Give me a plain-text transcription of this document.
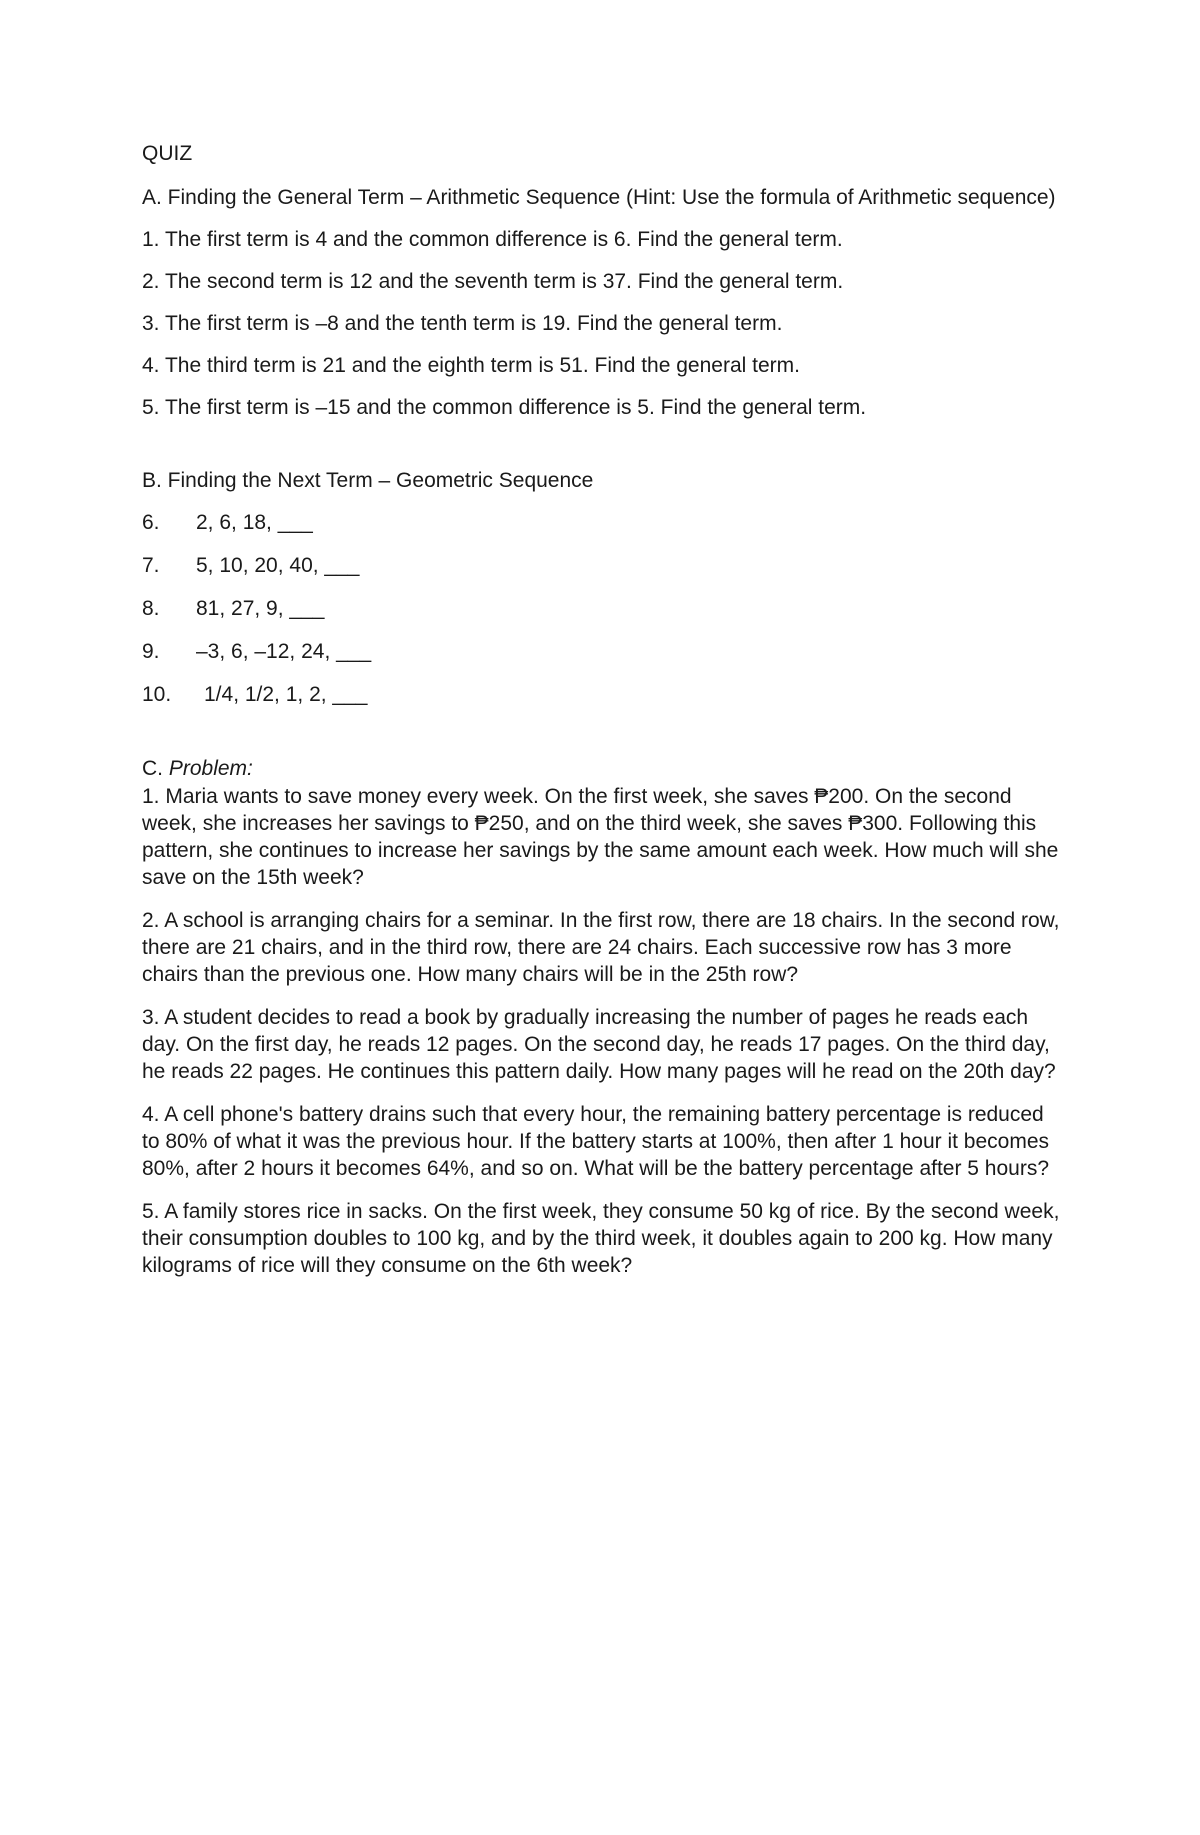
QUIZ
A. Finding the General Term – Arithmetic Sequence (Hint: Use the formula of Arithmetic sequence)
1. The first term is 4 and the common difference is 6. Find the general term.
2. The second term is 12 and the seventh term is 37. Find the general term.
3. The first term is –8 and the tenth term is 19. Find the general term.
4. The third term is 21 and the eighth term is 51. Find the general term.
5. The first term is –15 and the common difference is 5. Find the general term.
B. Finding the Next Term – Geometric Sequence
6.	2, 6, 18, ___
7.	5, 10, 20, 40, ___
8.	81, 27, 9, ___
9.	–3, 6, –12, 24, ___
10.	1/4, 1/2, 1, 2, ___
C. Problem:
1. Maria wants to save money every week. On the first week, she saves ₱200. On the second week, she increases her savings to ₱250, and on the third week, she saves ₱300. Following this pattern, she continues to increase her savings by the same amount each week. How much will she save on the 15th week?
2. A school is arranging chairs for a seminar. In the first row, there are 18 chairs. In the second row, there are 21 chairs, and in the third row, there are 24 chairs. Each successive row has 3 more chairs than the previous one. How many chairs will be in the 25th row?
3. A student decides to read a book by gradually increasing the number of pages he reads each day. On the first day, he reads 12 pages. On the second day, he reads 17 pages. On the third day, he reads 22 pages. He continues this pattern daily. How many pages will he read on the 20th day?
4. A cell phone's battery drains such that every hour, the remaining battery percentage is reduced to 80% of what it was the previous hour. If the battery starts at 100%, then after 1 hour it becomes 80%, after 2 hours it becomes 64%, and so on. What will be the battery percentage after 5 hours?
5. A family stores rice in sacks. On the first week, they consume 50 kg of rice. By the second week, their consumption doubles to 100 kg, and by the third week, it doubles again to 200 kg. How many kilograms of rice will they consume on the 6th week?
